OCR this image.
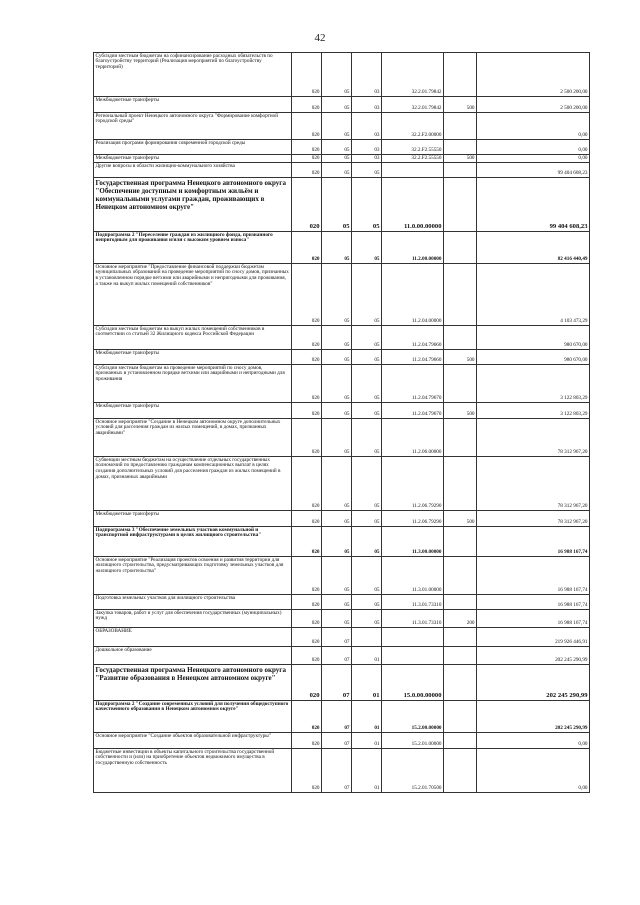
42
Субсидии местным бюджетам на софинансирование расходных обязательств по благоустройству территорий (Реализация мероприятий по благоустройству территорий)	020	05	03	32.2.01.79842		2 500 200,00
Межбюджетные трансферты	020	05	03	32.2.01.79842	500	2 500 200,00
Региональный проект Ненецкого автономного округа "Формирование комфортной городской среды"	020	05	03	32.2.F2.00000		0,00
Реализация программ формирования современной городской среды	020	05	03	32.2.F2.55550		0,00
Межбюджетные трансферты	020	05	03	32.2.F2.55550	500	0,00
Другие вопросы в области жилищно-коммунального хозяйства	020	05	05			99 404 608,23
Государственная программа Ненецкого автономного округа "Обеспечение доступным и комфортным жильём и коммунальными услугами граждан, проживающих в Ненецком автономном округе"	020	05	05	11.0.00.00000		99 404 608,23
Подпрограмма 2 "Переселение граждан из жилищного фонда, признанного непригодным для проживания и/или с высоким уровнем износа"	020	05	05	11.2.00.00000		82 416 440,49
Основное мероприятие "Предоставление финансовой поддержки бюджетам муниципальных образований на проведение мероприятий по сносу домов, признанных в установленном порядке ветхими или аварийными и непригодными для проживания, а также на выкуп жилых помещений собственников"	020	05	05	11.2.04.00000		4 103 473,29
Субсидии местным бюджетам на выкуп жилых помещений собственников в соответствии со статьей 32 Жилищного кодекса Российской Федерации	020	05	05	11.2.04.79660		980 670,00
Межбюджетные трансферты	020	05	05	11.2.04.79660	500	980 670,00
Субсидии местным бюджетам на проведение мероприятий по сносу домов, признанных в установленном порядке ветхими или аварийными и непригодными для проживания	020	05	05	11.2.04.79670		3 122 803,29
Межбюджетные трансферты	020	05	05	11.2.04.79670	500	3 122 803,29
Основное мероприятие "Создание в Ненецком автономном округе дополнительных условий для расселения граждан из жилых помещений, в домах, признанных аварийными"	020	05	05	11.2.06.00000		78 312 967,20
Субвенции местным бюджетам на осуществление отдельных государственных полномочий по предоставлению гражданам компенсационных выплат в целях создания дополнительных условий для расселения граждан из жилых помещений в домах, признанных аварийными	020	05	05	11.2.06.79290		78 312 967,20
Межбюджетные трансферты	020	05	05	11.2.06.79290	500	78 312 967,20
Подпрограмма 3 "Обеспечение земельных участков коммунальной и транспортной инфраструктурами в целях жилищного строительства"	020	05	05	11.3.00.00000		16 988 167,74
Основное мероприятие "Реализация проектов освоения и развития территории для жилищного строительства, предусматривающих подготовку земельных участков для жилищного строительства"	020	05	05	11.3.01.00000		16 988 167,74
Подготовка земельных участков для жилищного строительства	020	05	05	11.3.01.73310		16 988 167,74
Закупка товаров, работ и услуг для обеспечения государственных (муниципальных) нужд	020	05	05	11.3.01.73310	200	16 988 167,74
ОБРАЗОВАНИЕ	020	07				219 926 446,91
Дошкольное образование	020	07	01			202 245 290,99
Государственная программа Ненецкого автономного округа "Развитие образования в Ненецком автономном округе"	020	07	01	15.0.00.00000		202 245 290,99
Подпрограмма 2 "Создание современных условий для получения общедоступного качественного образования в Ненецком автономном округе"	020	07	01	15.2.00.00000		202 245 290,99
Основное мероприятие "Создание объектов образовательной инфраструктуры"	020	07	01	15.2.01.00000		0,00
Бюджетные инвестиции в объекты капитального строительства государственной собственности и (или) на приобретение объектов недвижимого имущества в государственную собственность	020	07	01	15.2.01.70500		0,00
